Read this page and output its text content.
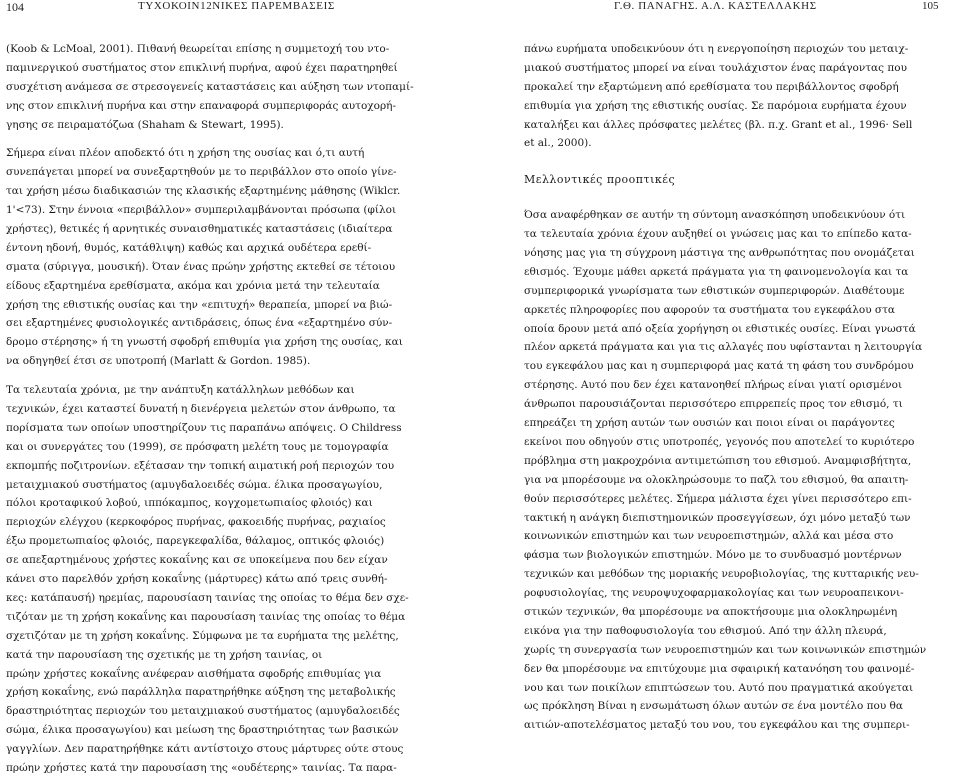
104	ΤΥΧΟΚΟΙΝ12ΝΙΚΕΣ ΠΑΡΕΜΒΑΣΕΙΣ	Γ.Θ. ΠΑΝΑΓΗΣ. Α.Λ. ΚΑΣΤΕΛΛΑΚΗΣ	105
(Koob & LcMoal, 2001). Πιθανή θεωρείται επίσης η συμμετοχή του ντο-
παμινεργικού συστήματος στον επικλινή πυρήνα, αφού έχει παρατηρηθεί
συσχέτιση ανάμεσα σε στρεσογενείς καταστάσεις και αύξηση των ντοπαμί-
νης στον επικλινή πυρήνα και στην επαναφορά συμπεριφοράς αυτοχορή-
γησης σε πειραματόζωα (Shaham & Stewart, 1995).
Σήμερα είναι πλέον αποδεκτό ότι η χρήση της ουσίας και ό,τι αυτή
συνεπάγεται μπορεί να συνεξαρτηθούν με το περιβάλλον στο οποίο γίνε-
ται χρήση μέσω διαδικασιών της κλασικής εξαρτημένης μάθησης (Wiklcr.
1'<73). Στην έννοια «περιβάλλον» συμπεριλαμβάνονται πρόσωπα (φίλοι
χρήστες), θετικές ή αρνητικές συναισθηματικές καταστάσεις (ιδιαίτερα
έντονη ηδονή, θυμός, κατάθλιψη) καθώς και αρχικά ουδέτερα ερεθί-
σματα (σύριγγα, μουσική). Όταν ένας πρώην χρήστης εκτεθεί σε τέτοιου
είδους εξαρτημένα ερεθίσματα, ακόμα και χρόνια μετά την τελευταία
χρήση της εθιστικής ουσίας και την «επιτυχή» θεραπεία, μπορεί να βιώ-
σει εξαρτημένες φυσιολογικές αντιδράσεις, όπως ένα «εξαρτημένο σύν-
δρομο στέρησης» ή τη γνωστή σφοδρή επιθυμία για χρήση της ουσίας, και
να οδηγηθεί έτσι σε υποτροπή (Marlatt & Gordon. 1985).
Τα τελευταία χρόνια, με την ανάπτυξη κατάλληλων μεθόδων και
τεχνικών, έχει καταστεί δυνατή η διενέργεια μελετών στον άνθρωπο, τα
πορίσματα των οποίων υποστηρίζουν τις παραπάνω απόψεις. Ο Childress
και οι συνεργάτες του (1999), σε πρόσφατη μελέτη τους με τομογραφία
εκπομπής ποζιτρονίων. εξέτασαν την τοπική αιματική ροή περιοχών του
μεταιχμιακού συστήματος (αμυγδαλοειδές σώμα. έλικα προσαγωγίου,
πόλοι κροταφικού λοβού, ιππόκαμπος, κογχομετωπιαίος φλοιός) και
περιοχών ελέγχου (κερκοφόρος πυρήνας, φακοειδής πυρήνας, ραχιαίος
έξω προμετωπιαίος φλοιός, παρεγκεφαλίδα, θάλαμος, οπτικός φλοιός)
σε απεξαρτημένους χρήστες κοκαΐνης και σε υποκείμενα που δεν είχαν
κάνει στο παρελθόν χρήση κοκαΐνης (μάρτυρες) κάτω από τρεις συνθή-
κες: κατάπαυσή) ηρεμίας, παρουσίαση ταινίας της οποίας το θέμα δεν σχε-
τιζόταν με τη χρήση κοκαΐνης και παρουσίαση ταινίας της οποίας το θέμα
σχετιζόταν με τη χρήση κοκαΐνης. Σύμφωνα με τα ευρήματα της μελέτης,
κατά την παρουσίαση της σχετικής με τη χρήση ταινίας, οι
πρώην χρήστες κοκαΐνης ανέφεραν αισθήματα σφοδρής επιθυμίας για
χρήση κοκαΐνης, ενώ παράλληλα παρατηρήθηκε αύξηση της μεταβολικής
δραστηριότητας περιοχών του μεταιχμιακού συστήματος (αμυγδαλοειδές
σώμα, έλικα προσαγωγίου) και μείωση της δραστηριότητας των βασικών
γαγγλίων. Δεν παρατηρήθηκε κάτι αντίστοιχο στους μάρτυρες ούτε στους
πρώην χρήστες κατά την παρουσίαση της «ουδέτερης» ταινίας. Τα παρα-
πάνω ευρήματα υποδεικνύουν ότι η ενεργοποίηση περιοχών του μεταιχ-
μιακού συστήματος μπορεί να είναι τουλάχιστον ένας παράγοντας που
προκαλεί την εξαρτώμενη από ερεθίσματα του περιβάλλοντος σφοδρή
επιθυμία για χρήση της εθιστικής ουσίας. Σε παρόμοια ευρήματα έχουν
καταλήξει και άλλες πρόσφατες μελέτες (βλ. π.χ. Grant et al., 1996· Sell
et al., 2000).
Μελλοντικές προοπτικές
Όσα αναφέρθηκαν σε αυτήν τη σύντομη ανασκόπηση υποδεικνύουν ότι
τα τελευταία χρόνια έχουν αυξηθεί οι γνώσεις μας και το επίπεδο κατα-
νόησης μας για τη σύγχρονη μάστιγα της ανθρωπότητας που ονομάζεται
εθισμός. Έχουμε μάθει αρκετά πράγματα για τη φαινομενολογία και τα
συμπεριφορικά γνωρίσματα των εθιστικών συμπεριφορών. Διαθέτουμε
αρκετές πληροφορίες που αφορούν τα συστήματα του εγκεφάλου στα
οποία δρουν μετά από οξεία χορήγηση οι εθιστικές ουσίες. Είναι γνωστά
πλέον αρκετά πράγματα και για τις αλλαγές που υφίστανται η λειτουργία
του εγκεφάλου μας και η συμπεριφορά μας κατά τη φάση του συνδρόμου
στέρησης. Αυτό που δεν έχει κατανοηθεί πλήρως είναι γιατί ορισμένοι
άνθρωποι παρουσιάζονται περισσότερο επιρρεπείς προς τον εθισμό, τι
επηρεάζει τη χρήση αυτών των ουσιών και ποιοι είναι οι παράγοντες
εκείνοι που οδηγούν στις υποτροπές, γεγονός που αποτελεί το κυριότερο
πρόβλημα στη μακροχρόνια αντιμετώπιση του εθισμού. Αναμφισβήτητα,
για να μπορέσουμε να ολοκληρώσουμε το παζλ του εθισμού, θα απαιτη-
θούν περισσότερες μελέτες. Σήμερα μάλιστα έχει γίνει περισσότερο επι-
τακτική η ανάγκη διεπιστημονικών προσεγγίσεων, όχι μόνο μεταξύ των
κοινωνικών επιστημών και των νευροεπιστημών, αλλά και μέσα στο
φάσμα των βιολογικών επιστημών. Μόνο με το συνδυασμό μοντέρνων
τεχνικών και μεθόδων της μοριακής νευροβιολογίας, της κυτταρικής νευ-
ροφυσιολογίας, της νευροψυχοφαρμακολογίας και των νευροαπεικονι-
στικών τεχνικών, θα μπορέσουμε να αποκτήσουμε μια ολοκληρωμένη
εικόνα για την παθοφυσιολογία του εθισμού. Από την άλλη πλευρά,
χωρίς τη συνεργασία των νευροεπιστημών και των κοινωνικών επιστημών
δεν θα μπορέσουμε να επιτύχουμε μια σφαιρική κατανόηση του φαινομέ-
νου και των ποικίλων επιπτώσεων του. Αυτό που πραγματικά ακούγεται
ως πρόκληση Βίναι η ενσωμάτωση όλων αυτών σε ένα μοντέλο που θα
αιτιών-αποτελέσματος μεταξύ του νου, του εγκεφάλου και της συμπερι-
